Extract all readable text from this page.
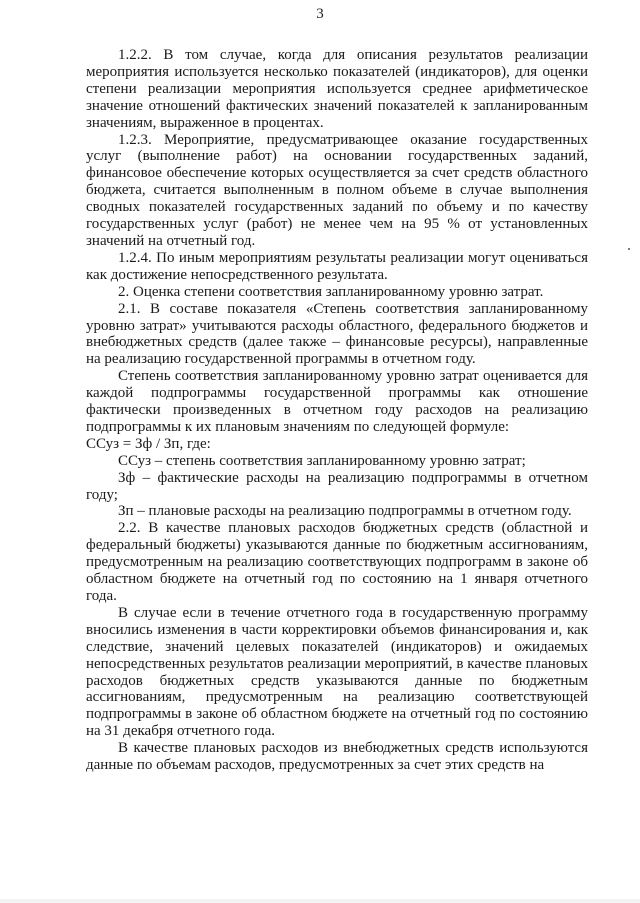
3

1.2.2. В том случае, когда для описания результатов реализации мероприятия используется несколько показателей (индикаторов), для оценки степени реализации мероприятия используется среднее арифметическое значение отношений фактических значений показателей к запланированным значениям, выраженное в процентах.

1.2.3. Мероприятие, предусматривающее оказание государственных услуг (выполнение работ) на основании государственных заданий, финансовое обеспечение которых осуществляется за счет средств областного бюджета, считается выполненным в полном объеме в случае выполнения сводных показателей государственных заданий по объему и по качеству государственных услуг (работ) не менее чем на 95 % от установленных значений на отчетный год.

1.2.4. По иным мероприятиям результаты реализации могут оцениваться как достижение непосредственного результата.

2. Оценка степени соответствия запланированному уровню затрат.

2.1. В составе показателя «Степень соответствия запланированному уровню затрат» учитываются расходы областного, федерального бюджетов и внебюджетных средств (далее также – финансовые ресурсы), направленные на реализацию государственной программы в отчетном году.

Степень соответствия запланированному уровню затрат оценивается для каждой подпрограммы государственной программы как отношение фактически произведенных в отчетном году расходов на реализацию подпрограммы к их плановым значениям по следующей формуле:

ССуз = Зф / Зп, где:

ССуз – степень соответствия запланированному уровню затрат;

Зф – фактические расходы на реализацию подпрограммы в отчетном году;

Зп – плановые расходы на реализацию подпрограммы в отчетном году.

2.2. В качестве плановых расходов бюджетных средств (областной и федеральный бюджеты) указываются данные по бюджетным ассигнованиям, предусмотренным на реализацию соответствующих подпрограмм в законе об областном бюджете на отчетный год по состоянию на 1 января отчетного года.

В случае если в течение отчетного года в государственную программу вносились изменения в части корректировки объемов финансирования и, как следствие, значений целевых показателей (индикаторов) и ожидаемых непосредственных результатов реализации мероприятий, в качестве плановых расходов бюджетных средств указываются данные по бюджетным ассигнованиям, предусмотренным на реализацию соответствующей подпрограммы в законе об областном бюджете на отчетный год по состоянию на 31 декабря отчетного года.

В качестве плановых расходов из внебюджетных средств используются данные по объемам расходов, предусмотренных за счет этих средств на
